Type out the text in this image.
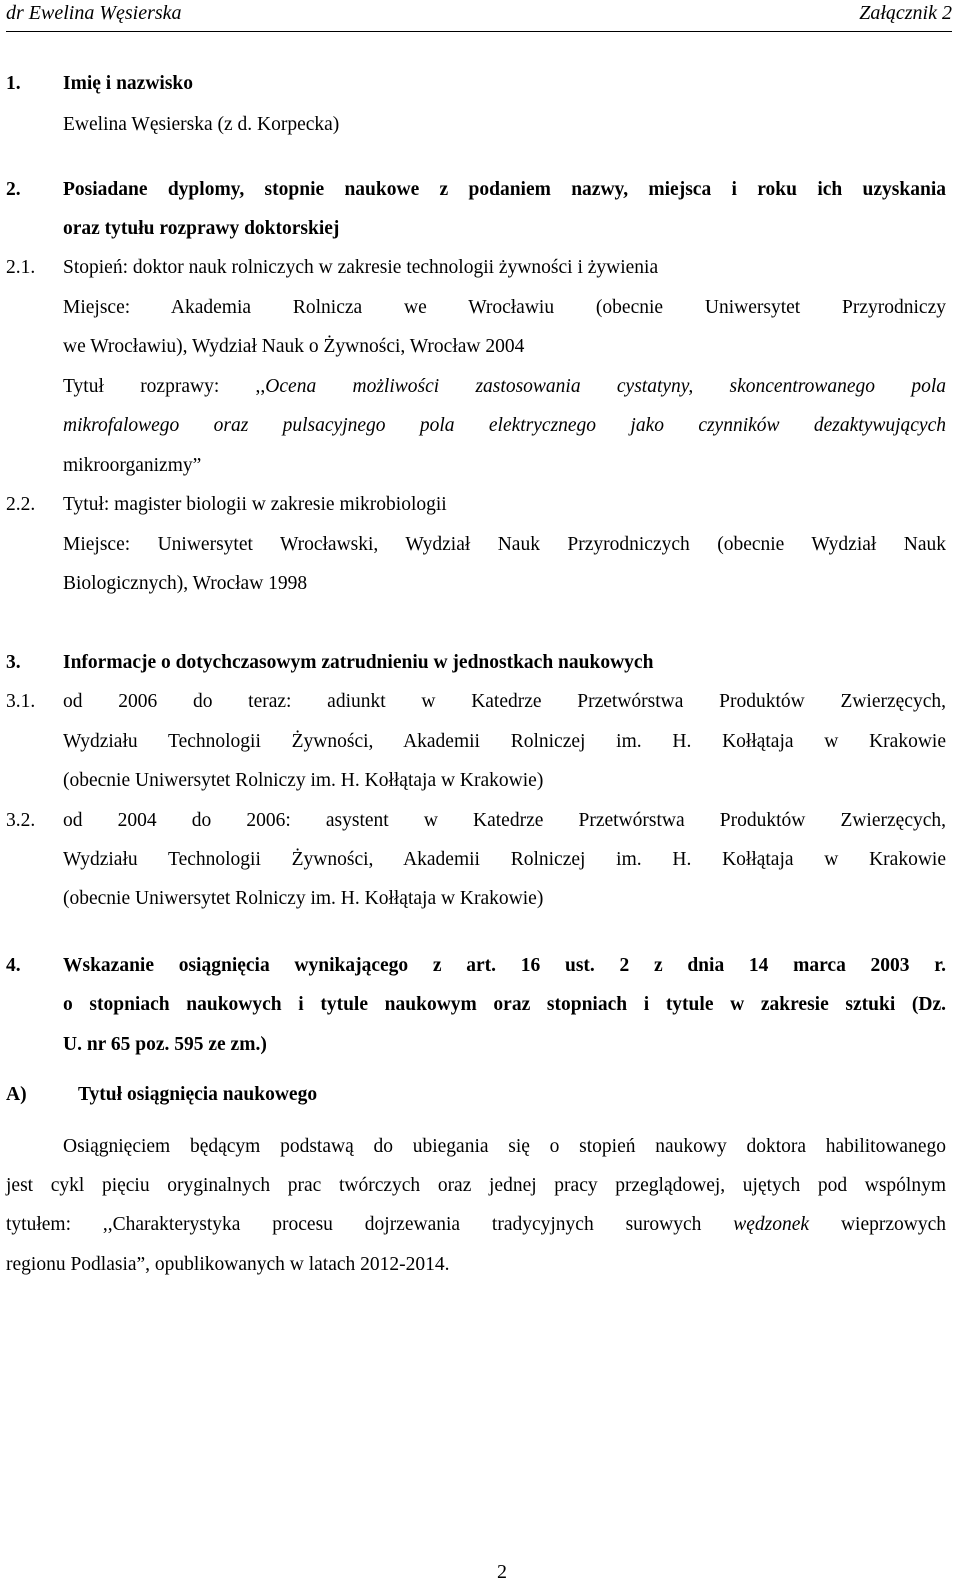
dr Ewelina Węsierska	Załącznik 2
1. Imię i nazwisko
Ewelina Węsierska (z d. Korpecka)
2. Posiadane dyplomy, stopnie naukowe z podaniem nazwy, miejsca i roku ich uzyskania
oraz tytułu rozprawy doktorskiej
2.1. Stopień: doktor nauk rolniczych w zakresie technologii żywności i żywienia
Miejsce: Akademia Rolnicza we Wrocławiu (obecnie Uniwersytet Przyrodniczy
we Wrocławiu), Wydział Nauk o Żywności, Wrocław 2004
Tytuł rozprawy: ,,Ocena możliwości zastosowania cystatyny, skoncentrowanego pola
mikrofalowego oraz pulsacyjnego pola elektrycznego jako czynników dezaktywujących
mikroorganizmy”
2.2. Tytuł: magister biologii w zakresie mikrobiologii
Miejsce: Uniwersytet Wrocławski, Wydział Nauk Przyrodniczych (obecnie Wydział Nauk
Biologicznych), Wrocław 1998
3. Informacje o dotychczasowym zatrudnieniu w jednostkach naukowych
3.1. od 2006 do teraz: adiunkt w Katedrze Przetwórstwa Produktów Zwierzęcych,
Wydziału Technologii Żywności, Akademii Rolniczej im. H. Kołłątaja w Krakowie
(obecnie Uniwersytet Rolniczy im. H. Kołłątaja w Krakowie)
3.2. od 2004 do 2006: asystent w Katedrze Przetwórstwa Produktów Zwierzęcych,
Wydziału Technologii Żywności, Akademii Rolniczej im. H. Kołłątaja w Krakowie
(obecnie Uniwersytet Rolniczy im. H. Kołłątaja w Krakowie)
4. Wskazanie osiągnięcia wynikającego z art. 16 ust. 2 z dnia 14 marca 2003 r.
o stopniach naukowych i tytule naukowym oraz stopniach i tytule w zakresie sztuki (Dz.
U. nr 65 poz. 595 ze zm.)
A)	Tytuł osiągnięcia naukowego
Osiągnięciem będącym podstawą do ubiegania się o stopień naukowy doktora habilitowanego
jest cykl pięciu oryginalnych prac twórczych oraz jednej pracy przeglądowej, ujętych pod wspólnym
tytułem: ,,Charakterystyka procesu dojrzewania tradycyjnych surowych wędzonek wieprzowych
regionu Podlasia”, opublikowanych w latach 2012-2014.
2
